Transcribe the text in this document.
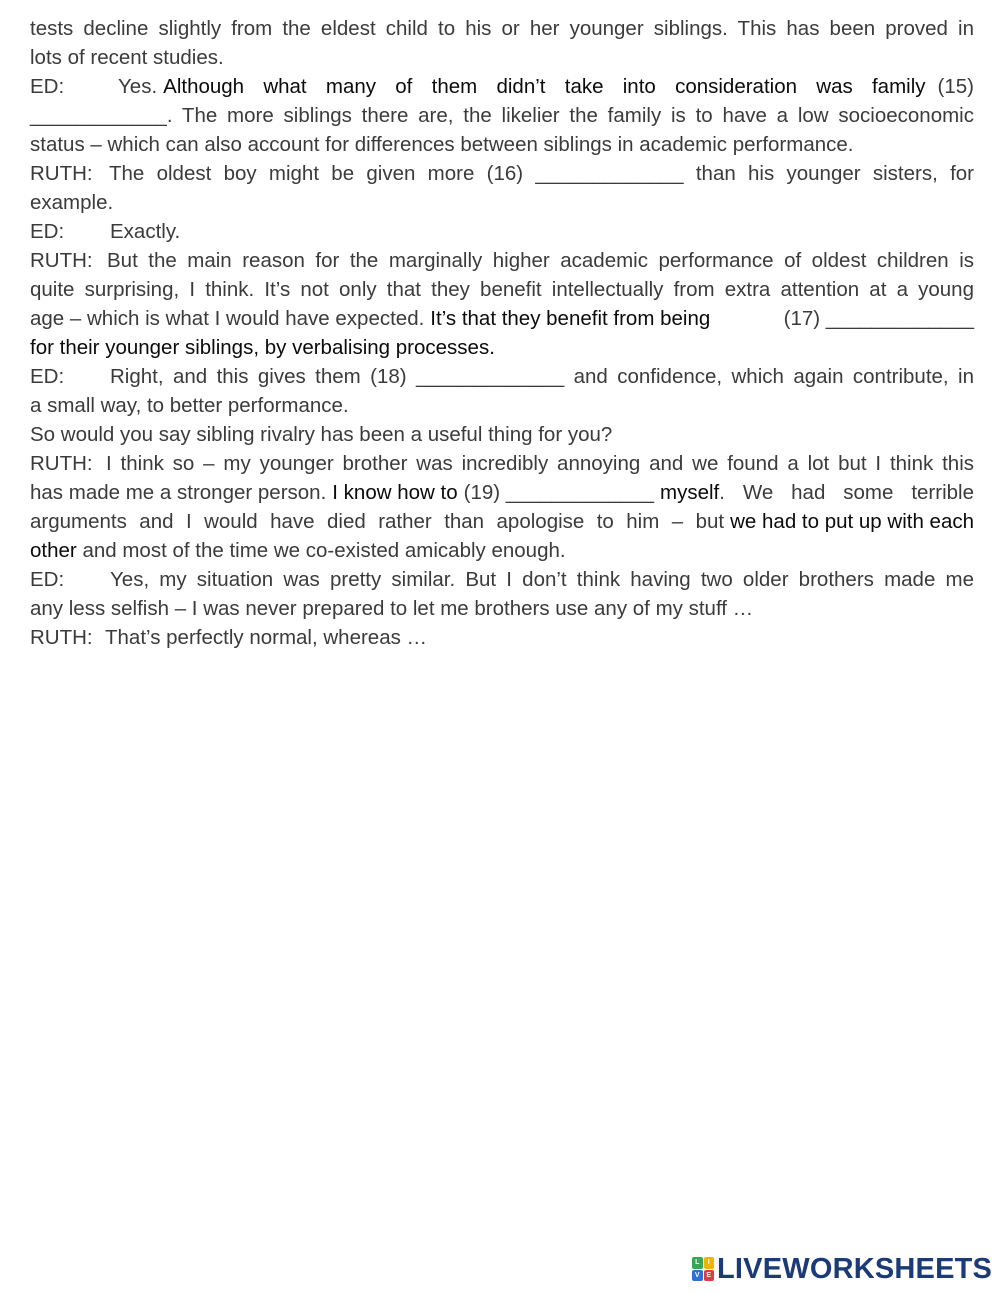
tests decline slightly from the eldest child to his or her younger siblings. This has been proved in
lots of recent studies.
ED:	Yes. Although what many of them didn’t take into consideration was family (15)
____________ . The more siblings there are, the likelier the family is to have a low socioeconomic
status – which can also account for differences between siblings in academic performance.
RUTH: The oldest boy might be given more (16) _____________ than his younger sisters, for
example.
ED: Exactly.
RUTH: But the main reason for the marginally higher academic performance of oldest children is
quite surprising, I think. It’s not only that they benefit intellectually from extra attention at a young
age – which is what I would have expected. It’s that they benefit from being	(17) _____________
for their younger siblings, by verbalising processes.
ED:	Right, and this gives them (18) _____________ and confidence, which again contribute, in
a small way, to better performance.
So would you say sibling rivalry has been a useful thing for you?
RUTH: I think so – my younger brother was incredibly annoying and we found a lot but I think this
has made me a stronger person. I know how to (19) _____________ myself . We had some terrible
arguments and I would have died rather than apologise to him – but we had to put up with each
other and most of the time we co-existed amicably enough.
ED:	Yes, my situation was pretty similar. But I don’t think having two older brothers made me
any less selfish – I was never prepared to let me brothers use any of my stuff …
RUTH: That’s perfectly normal, whereas …
L	I
V E LIVEWORKSHEETS
